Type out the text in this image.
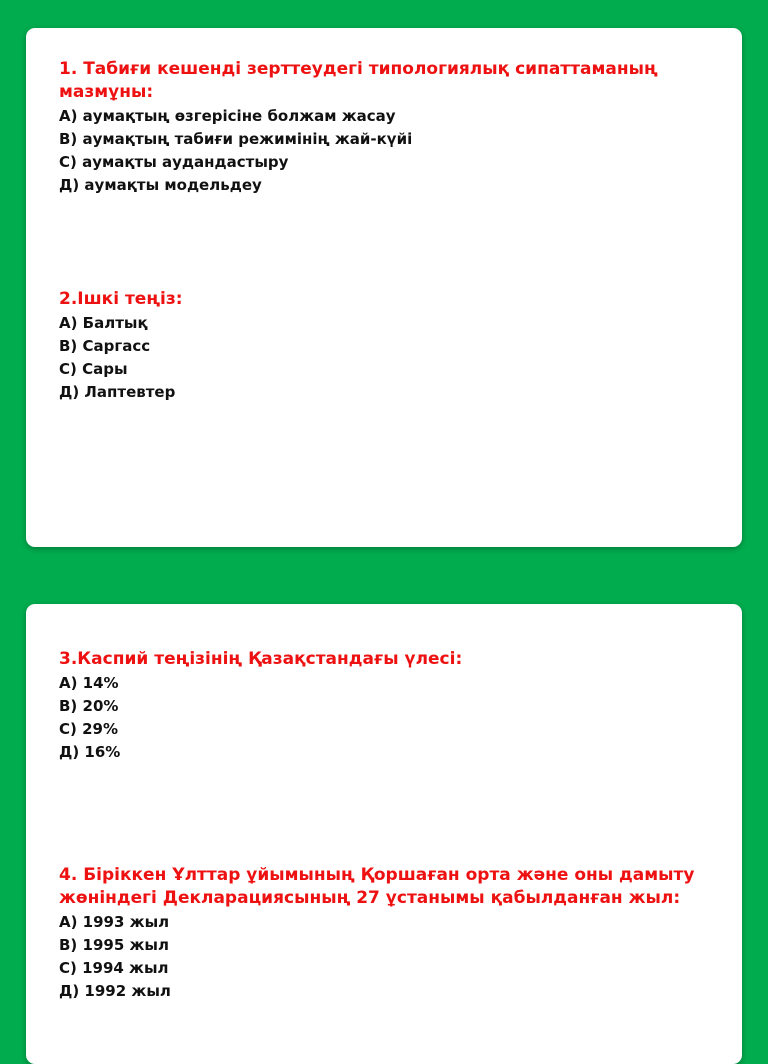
1. Табиғи кешенді зерттеудегі типологиялық сипаттаманың мазмұны:

А) аумақтың өзгерісіне болжам жасау

В) аумақтың табиғи режимінің жай-күйі

С) аумақты аудандастыру

Д) аумақты модельдеу

2.Ішкі теңіз:

А) Балтық

В) Саргасс

С) Сары

Д) Лаптевтер

3.Каспий теңізінің Қазақстандағы үлесі:

А) 14%

В) 20%

С) 29%

Д) 16%

4. Біріккен Ұлттар ұйымының Қоршаған орта және оны дамыту жөніндегі Декларациясының 27 ұстанымы қабылданған жыл:

А) 1993 жыл

В) 1995 жыл

С) 1994 жыл

Д) 1992 жыл
